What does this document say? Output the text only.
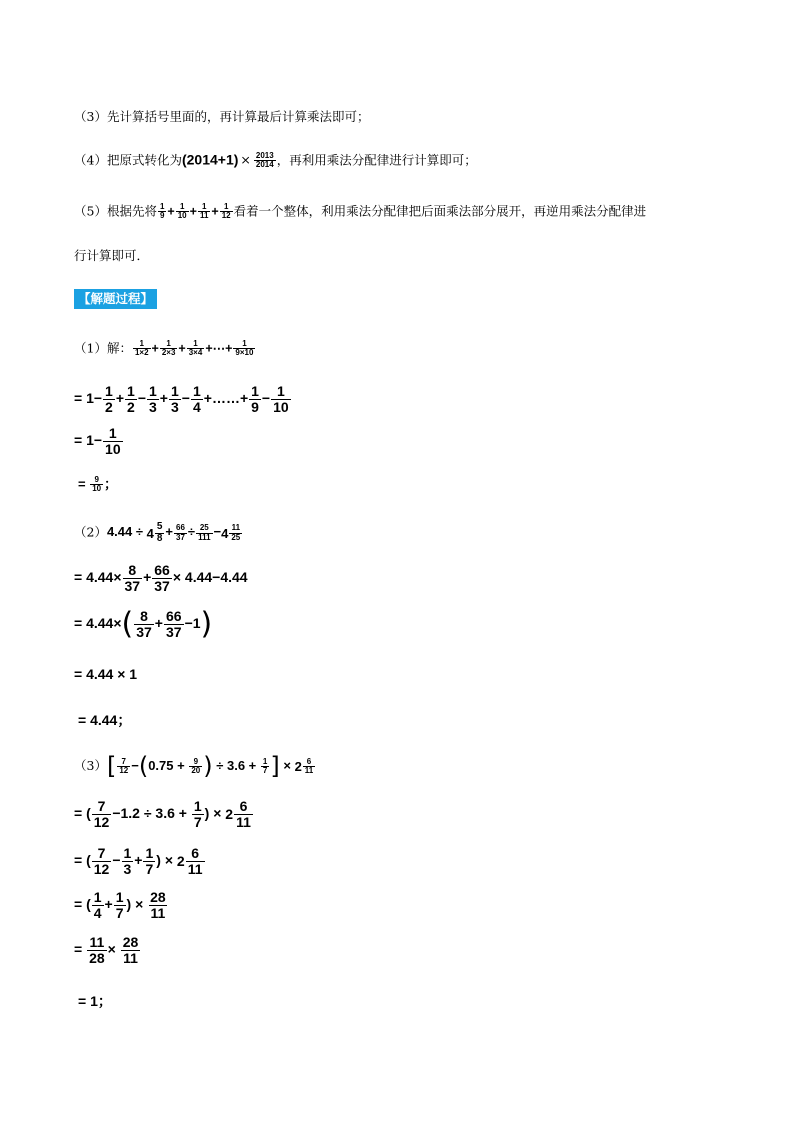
（3）先计算括号里面的，再计算最后计算乘法即可；
（4）把原式转化为$(2014+1) \times \frac{2013}{2014}$ ，再利用乘法分配律进行计算即可；
（5）根据先将 $\frac{1}{9} + \frac{1}{10} + \frac{1}{11} + \frac{1}{12}$ 看着一个整体，利用乘法分配律把后面乘法部分展开，再逆用乘法分配律进
行计算即可．
【解题过程】
（1）解： $\frac{1}{1\times 2} + \frac{1}{2\times 3} + \frac{1}{3\times 4}$ +⋯+ $\frac{1}{9\times 10}$
= $1- \frac{1}{2} + \frac{1}{2} - \frac{1}{3} + \frac{1}{3} - \frac{1}{4}$ +……+ $\frac{1}{9} - \frac{1}{10}$
= $1- \frac{1}{10}$
= $\frac{9}{10}$ ；
$(2)4.44 \div 4 \frac{5}{8} + \frac{66}{37} \div \frac{25}{111} - 4 \frac{11}{25}$
= $4.44\times \frac{8}{37} + \frac{66}{37} \times 4.44-4.44$
= $4.44\times( \frac{8}{37} + \frac{66}{37} -1)$
= 4.44 × 1
= 4.44；
$(3)[ \frac{7}{12} -(0.75 + \frac{9}{20}$ ) ÷ $3.6 + \frac{1}{7}$ ] × $2 \frac{6}{11}$
= ( $\frac{7}{12} -1.2 \div 3.6 + \frac{1}{7}$ ) × $2 \frac{6}{11}$
= ( $\frac{7}{12} - \frac{1}{3} + \frac{1}{7}$ ) × $2 \frac{6}{11}$
= ( $\frac{1}{4} + \frac{1}{7}$ ) × $\frac{28}{11}$
= $\frac{11}{28} \times \frac{28}{11}$
= 1；
